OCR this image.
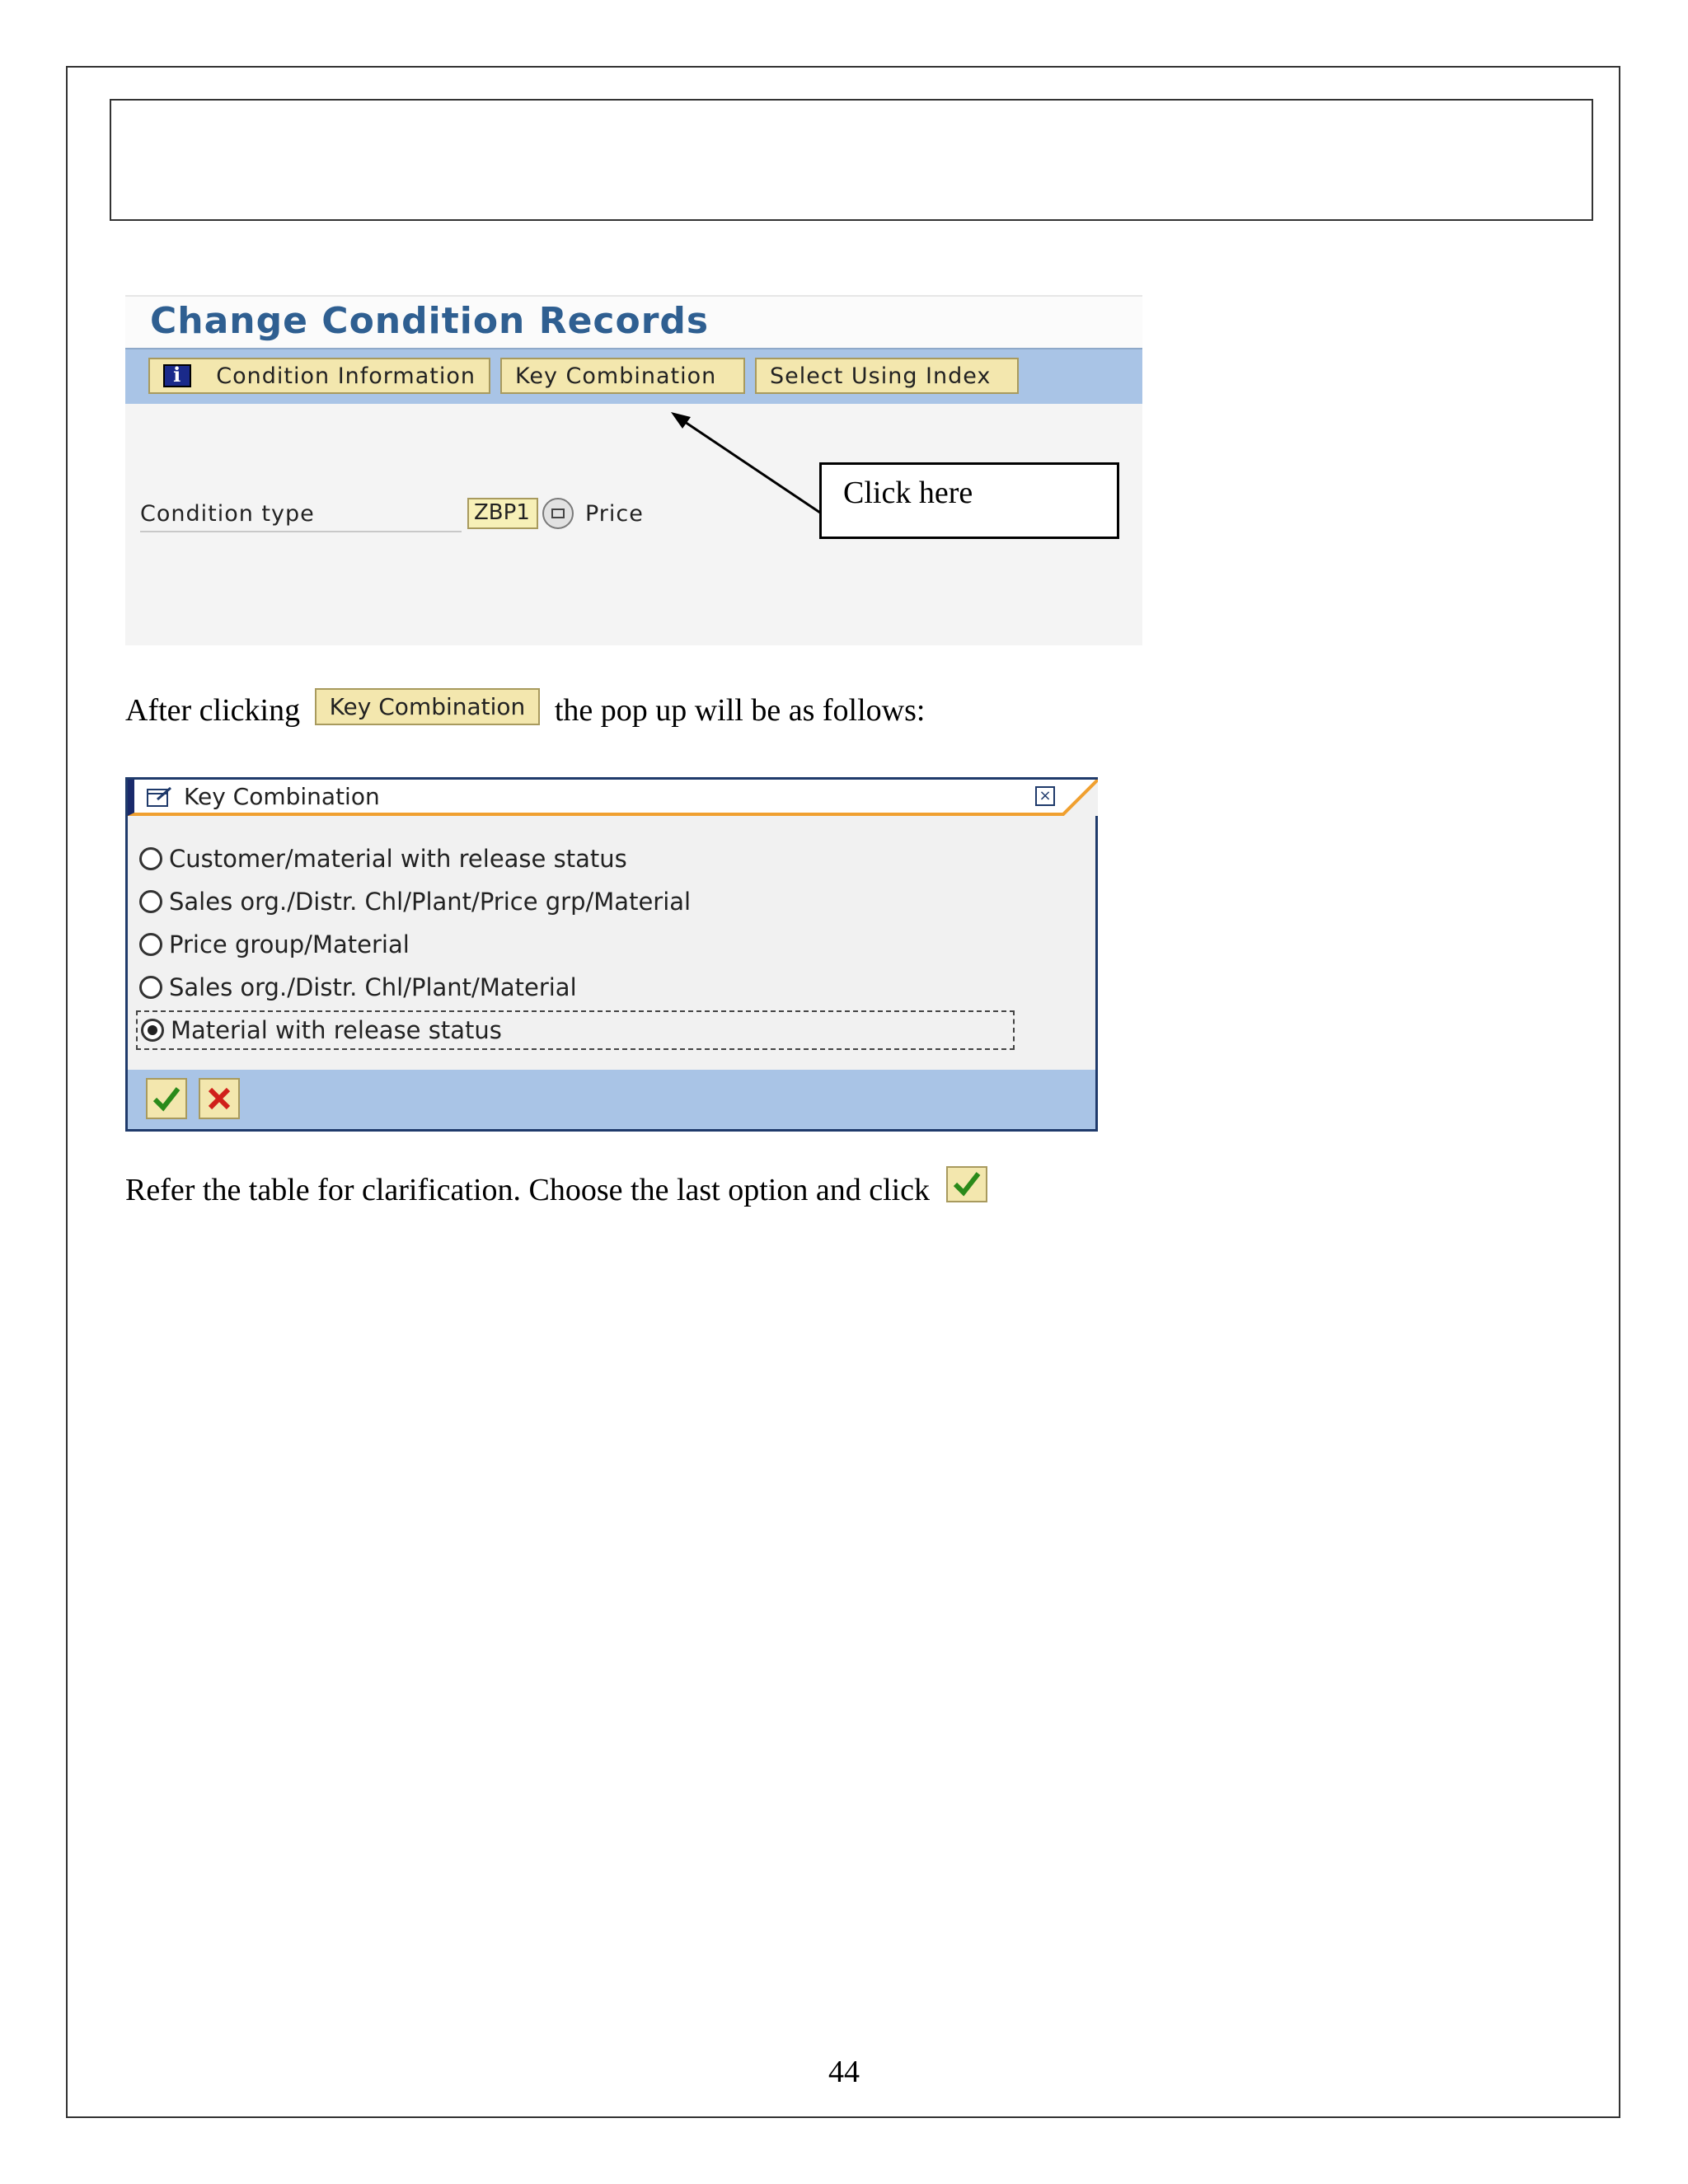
Change Condition Records
i
Condition Information Key Combination Select Using Index
Condition type	ZBP1	Price
Click here
After clicking Key Combination the pop up will be as follows:
Key Combination	×
Customer/material with release status
Sales org./Distr. Chl/Plant/Price grp/Material
Price group/Material
Sales org./Distr. Chl/Plant/Material
Material with release status
Refer the table for clarification. Choose the last option and click
44
